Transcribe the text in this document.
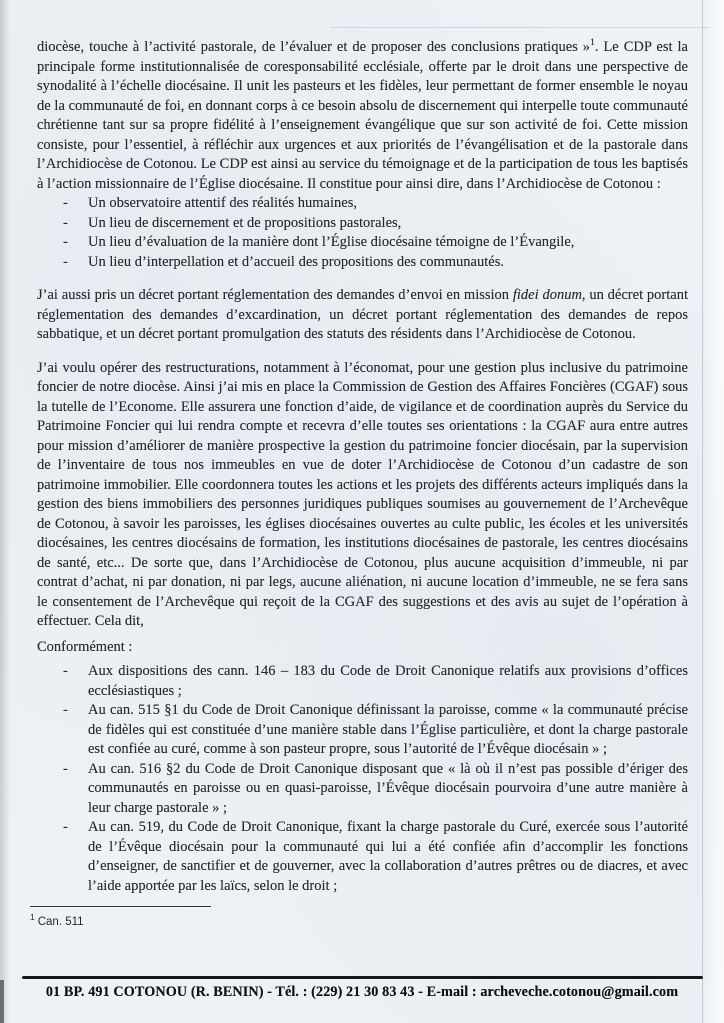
diocèse, touche à l’activité pastorale, de l’évaluer et de proposer des conclusions pratiques »$^1$. Le CDP est la principale forme institutionnalisée de coresponsabilité ecclésiale, offerte par le droit dans une perspective de synodalité à l’échelle diocésaine. Il unit les pasteurs et les fidèles, leur permettant de former ensemble le noyau de la communauté de foi, en donnant corps à ce besoin absolu de discernement qui interpelle toute communauté chrétienne tant sur sa propre fidélité à l’enseignement évangélique que sur son activité de foi. Cette mission consiste, pour l’essentiel, à réfléchir aux urgences et aux priorités de l’évangélisation et de la pastorale dans l’Archidiocèse de Cotonou. Le CDP est ainsi au service du témoignage et de la participation de tous les baptisés à l’action missionnaire de l’Église diocésaine. Il constitue pour ainsi dire, dans l’Archidiocèse de Cotonou :

-	Un observatoire attentif des réalités humaines,
-	Un lieu de discernement et de propositions pastorales,
-	Un lieu d’évaluation de la manière dont l’Église diocésaine témoigne de l’Évangile,
-	Un lieu d’interpellation et d’accueil des propositions des communautés.

J’ai aussi pris un décret portant réglementation des demandes d’envoi en mission fidei donum, un décret portant réglementation des demandes d’excardination, un décret portant réglementation des demandes de repos sabbatique, et un décret portant promulgation des statuts des résidents dans l’Archidiocèse de Cotonou.

J’ai voulu opérer des restructurations, notamment à l’économat, pour une gestion plus inclusive du patrimoine foncier de notre diocèse. Ainsi j’ai mis en place la Commission de Gestion des Affaires Foncières (CGAF) sous la tutelle de l’Econome. Elle assurera une fonction d’aide, de vigilance et de coordination auprès du Service du Patrimoine Foncier qui lui rendra compte et recevra d’elle toutes ses orientations : la CGAF aura entre autres pour mission d’améliorer de manière prospective la gestion du patrimoine foncier diocésain, par la supervision de l’inventaire de tous nos immeubles en vue de doter l’Archidiocèse de Cotonou d’un cadastre de son patrimoine immobilier. Elle coordonnera toutes les actions et les projets des différents acteurs impliqués dans la gestion des biens immobiliers des personnes juridiques publiques soumises au gouvernement de l’Archevêque de Cotonou, à savoir les paroisses, les églises diocésaines ouvertes au culte public, les écoles et les universités diocésaines, les centres diocésains de formation, les institutions diocésaines de pastorale, les centres diocésains de santé, etc... De sorte que, dans l’Archidiocèse de Cotonou, plus aucune acquisition d’immeuble, ni par contrat d’achat, ni par donation, ni par legs, aucune aliénation, ni aucune location d’immeuble, ne se fera sans le consentement de l’Archevêque qui reçoit de la CGAF des suggestions et des avis au sujet de l’opération à effectuer. Cela dit,

Conformément :

-	Aux dispositions des cann. 146 – 183 du Code de Droit Canonique relatifs aux provisions d’offices ecclésiastiques ;
-	Au can. 515 §1 du Code de Droit Canonique définissant la paroisse, comme « la communauté précise de fidèles qui est constituée d’une manière stable dans l’Église particulière, et dont la charge pastorale est confiée au curé, comme à son pasteur propre, sous l’autorité de l’Évêque diocésain » ;
-	Au can. 516 §2 du Code de Droit Canonique disposant que « là où il n’est pas possible d’ériger des communautés en paroisse ou en quasi-paroisse, l’Évêque diocésain pourvoira d’une autre manière à leur charge pastorale » ;
-	Au can. 519, du Code de Droit Canonique, fixant la charge pastorale du Curé, exercée sous l’autorité de l’Évêque diocésain pour la communauté qui lui a été confiée afin d’accomplir les fonctions d’enseigner, de sanctifier et de gouverner, avec la collaboration d’autres prêtres ou de diacres, et avec l’aide apportée par les laïcs, selon le droit ;
$^1$ Can. 511
01 BP. 491 COTONOU (R. BENIN) - Tél. : (229) 21 30 83 43 - E-mail : archeveche.cotonou@gmail.com
